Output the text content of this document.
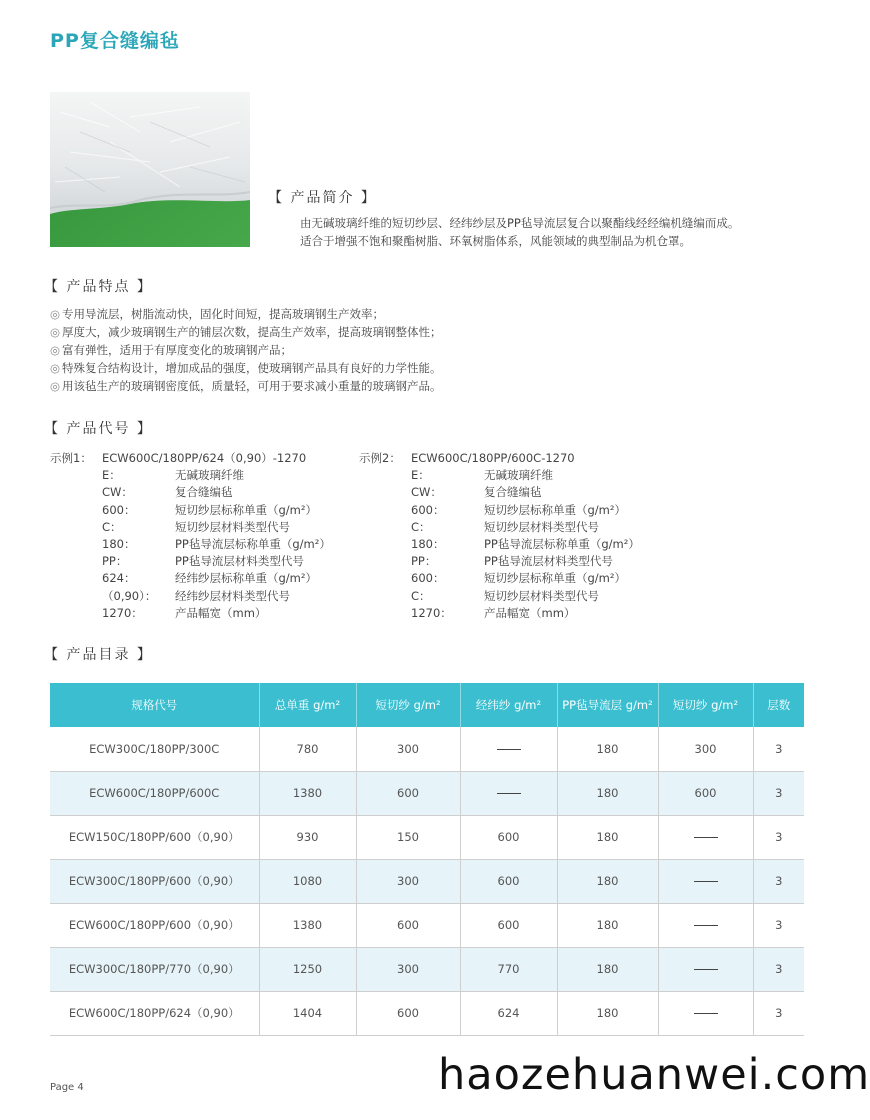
PP复合缝编毡
【 产品简介 】
由无碱玻璃纤维的短切纱层、经纬纱层及PP毡导流层复合以聚酯线经经编机缝编而成。
适合于增强不饱和聚酯树脂、环氧树脂体系，风能领域的典型制品为机仓罩。
【 产品特点 】
◎ 专用导流层，树脂流动快，固化时间短，提高玻璃钢生产效率；
◎ 厚度大，减少玻璃钢生产的铺层次数，提高生产效率，提高玻璃钢整体性；
◎ 富有弹性，适用于有厚度变化的玻璃钢产品；
◎ 特殊复合结构设计，增加成品的强度，使玻璃钢产品具有良好的力学性能。
◎ 用该毡生产的玻璃钢密度低，质量轻，可用于要求减小重量的玻璃钢产品。
【 产品代号 】
示例1： ECW600C/180PP/624（0,90）-1270
E：	无碱玻璃纤维
CW：	复合缝编毡
600：	短切纱层标称单重（g/m²）
C：	短切纱层材料类型代号
180：	PP毡导流层标称单重（g/m²）
PP：	PP毡导流层材料类型代号
624：	经纬纱层标称单重（g/m²）
（0,90）： 经纬纱层材料类型代号
1270：	产品幅宽（mm）
示例2： ECW600C/180PP/600C-1270
E：	无碱玻璃纤维
CW：	复合缝编毡
600：	短切纱层标称单重（g/m²）
C：	短切纱层材料类型代号
180：	PP毡导流层标称单重（g/m²）
PP：	PP毡导流层材料类型代号
600：	短切纱层标称单重（g/m²）
C：	短切纱层材料类型代号
1270：	产品幅宽（mm）
【 产品目录 】
规格代号	总单重 g/m²	短切纱 g/m²	经纬纱 g/m²	PP毡导流层 g/m²	短切纱 g/m²	层数
ECW300C/180PP/300C	780	300		180	300	3
ECW600C/180PP/600C	1380	600		180	600	3
ECW150C/180PP/600（0,90）	930	150	600	180		3
ECW300C/180PP/600（0,90）	1080	300	600	180		3
ECW600C/180PP/600（0,90）	1380	600	600	180		3
ECW300C/180PP/770（0,90）	1250	300	770	180		3
ECW600C/180PP/624（0,90）	1404	600	624	180		3
Page 4	haozehuanwei.com
